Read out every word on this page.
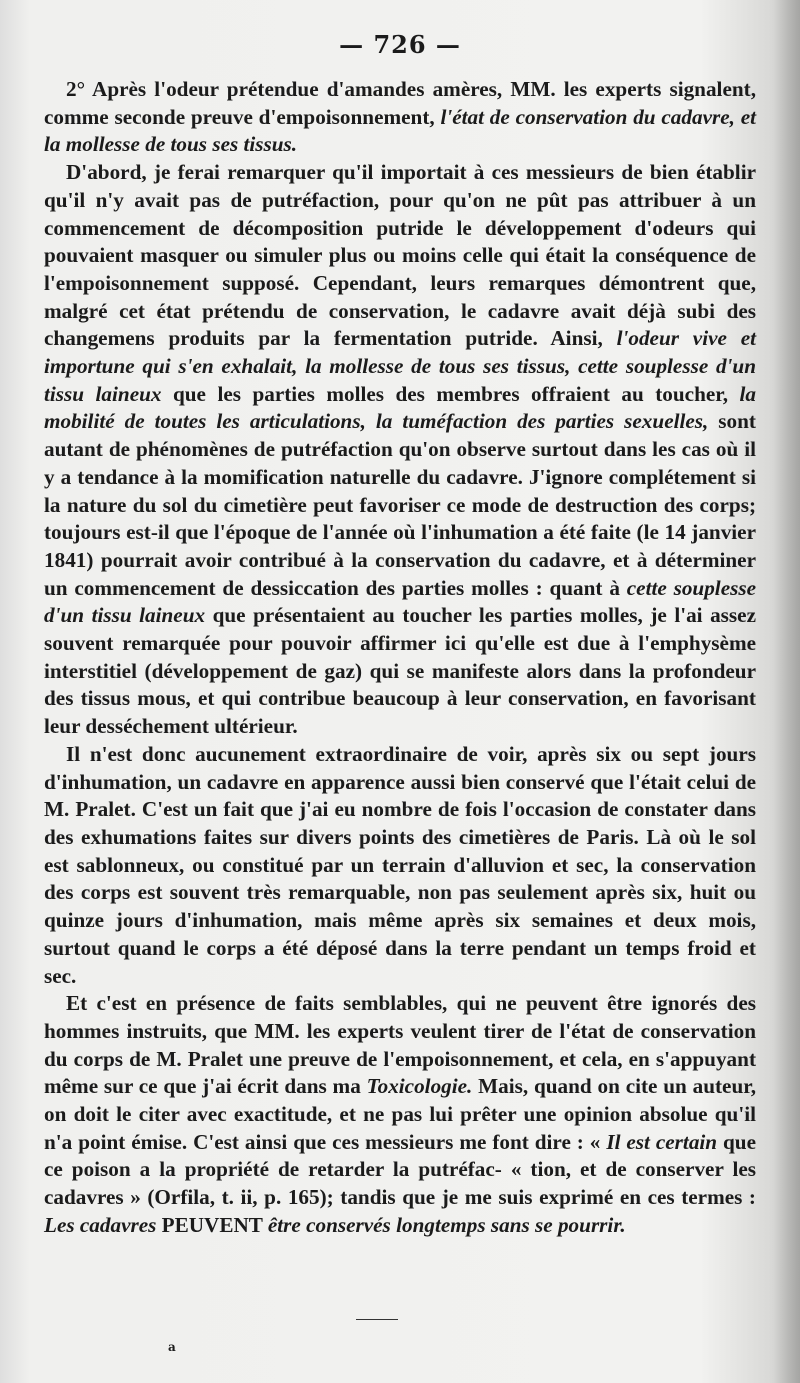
— 726 —

2° Après l'odeur prétendue d'amandes amères, MM. les experts signalent, comme seconde preuve d'empoisonnement, l'état de conservation du cadavre, et la mollesse de tous ses tissus.

D'abord, je ferai remarquer qu'il importait à ces messieurs de bien établir qu'il n'y avait pas de putréfaction, pour qu'on ne pût pas attribuer à un commencement de décomposition putride le développement d'odeurs qui pouvaient masquer ou simuler plus ou moins celle qui était la conséquence de l'empoisonnement supposé. Cependant, leurs remarques démontrent que, malgré cet état prétendu de conservation, le cadavre avait déjà subi des changemens produits par la fermentation putride. Ainsi, l'odeur vive et importune qui s'en exhalait, la mollesse de tous ses tissus, cette souplesse d'un tissu laineux que les parties molles des membres offraient au toucher, la mobilité de toutes les articulations, la tuméfaction des parties sexuelles, sont autant de phénomènes de putréfaction qu'on observe surtout dans les cas où il y a tendance à la momification naturelle du cadavre. J'ignore complétement si la nature du sol du cimetière peut favoriser ce mode de destruction des corps; toujours est-il que l'époque de l'année où l'inhumation a été faite (le 14 janvier 1841) pourrait avoir contribué à la conservation du cadavre, et à déterminer un commencement de dessiccation des parties molles : quant à cette souplesse d'un tissu laineux que présentaient au toucher les parties molles, je l'ai assez souvent remarquée pour pouvoir affirmer ici qu'elle est due à l'emphysème interstitiel (développement de gaz) qui se manifeste alors dans la profondeur des tissus mous, et qui contribue beaucoup à leur conservation, en favorisant leur desséchement ultérieur.

Il n'est donc aucunement extraordinaire de voir, après six ou sept jours d'inhumation, un cadavre en apparence aussi bien conservé que l'était celui de M. Pralet. C'est un fait que j'ai eu nombre de fois l'occasion de constater dans des exhumations faites sur divers points des cimetières de Paris. Là où le sol est sablonneux, ou constitué par un terrain d'alluvion et sec, la conservation des corps est souvent très remarquable, non pas seulement après six, huit ou quinze jours d'inhumation, mais même après six semaines et deux mois, surtout quand le corps a été déposé dans la terre pendant un temps froid et sec.

Et c'est en présence de faits semblables, qui ne peuvent être ignorés des hommes instruits, que MM. les experts veulent tirer de l'état de conservation du corps de M. Pralet une preuve de l'empoisonnement, et cela, en s'appuyant même sur ce que j'ai écrit dans ma Toxicologie. Mais, quand on cite un auteur, on doit le citer avec exactitude, et ne pas lui prêter une opinion absolue qu'il n'a point émise. C'est ainsi que ces messieurs me font dire : « Il est certain que ce poison a la propriété de retarder la putréfac- « tion, et de conserver les cadavres » (Orfila, t. ii, p. 165); tandis que je me suis exprimé en ces termes : Les cadavres PEUVENT être conservés longtemps sans se pourrir.

a
